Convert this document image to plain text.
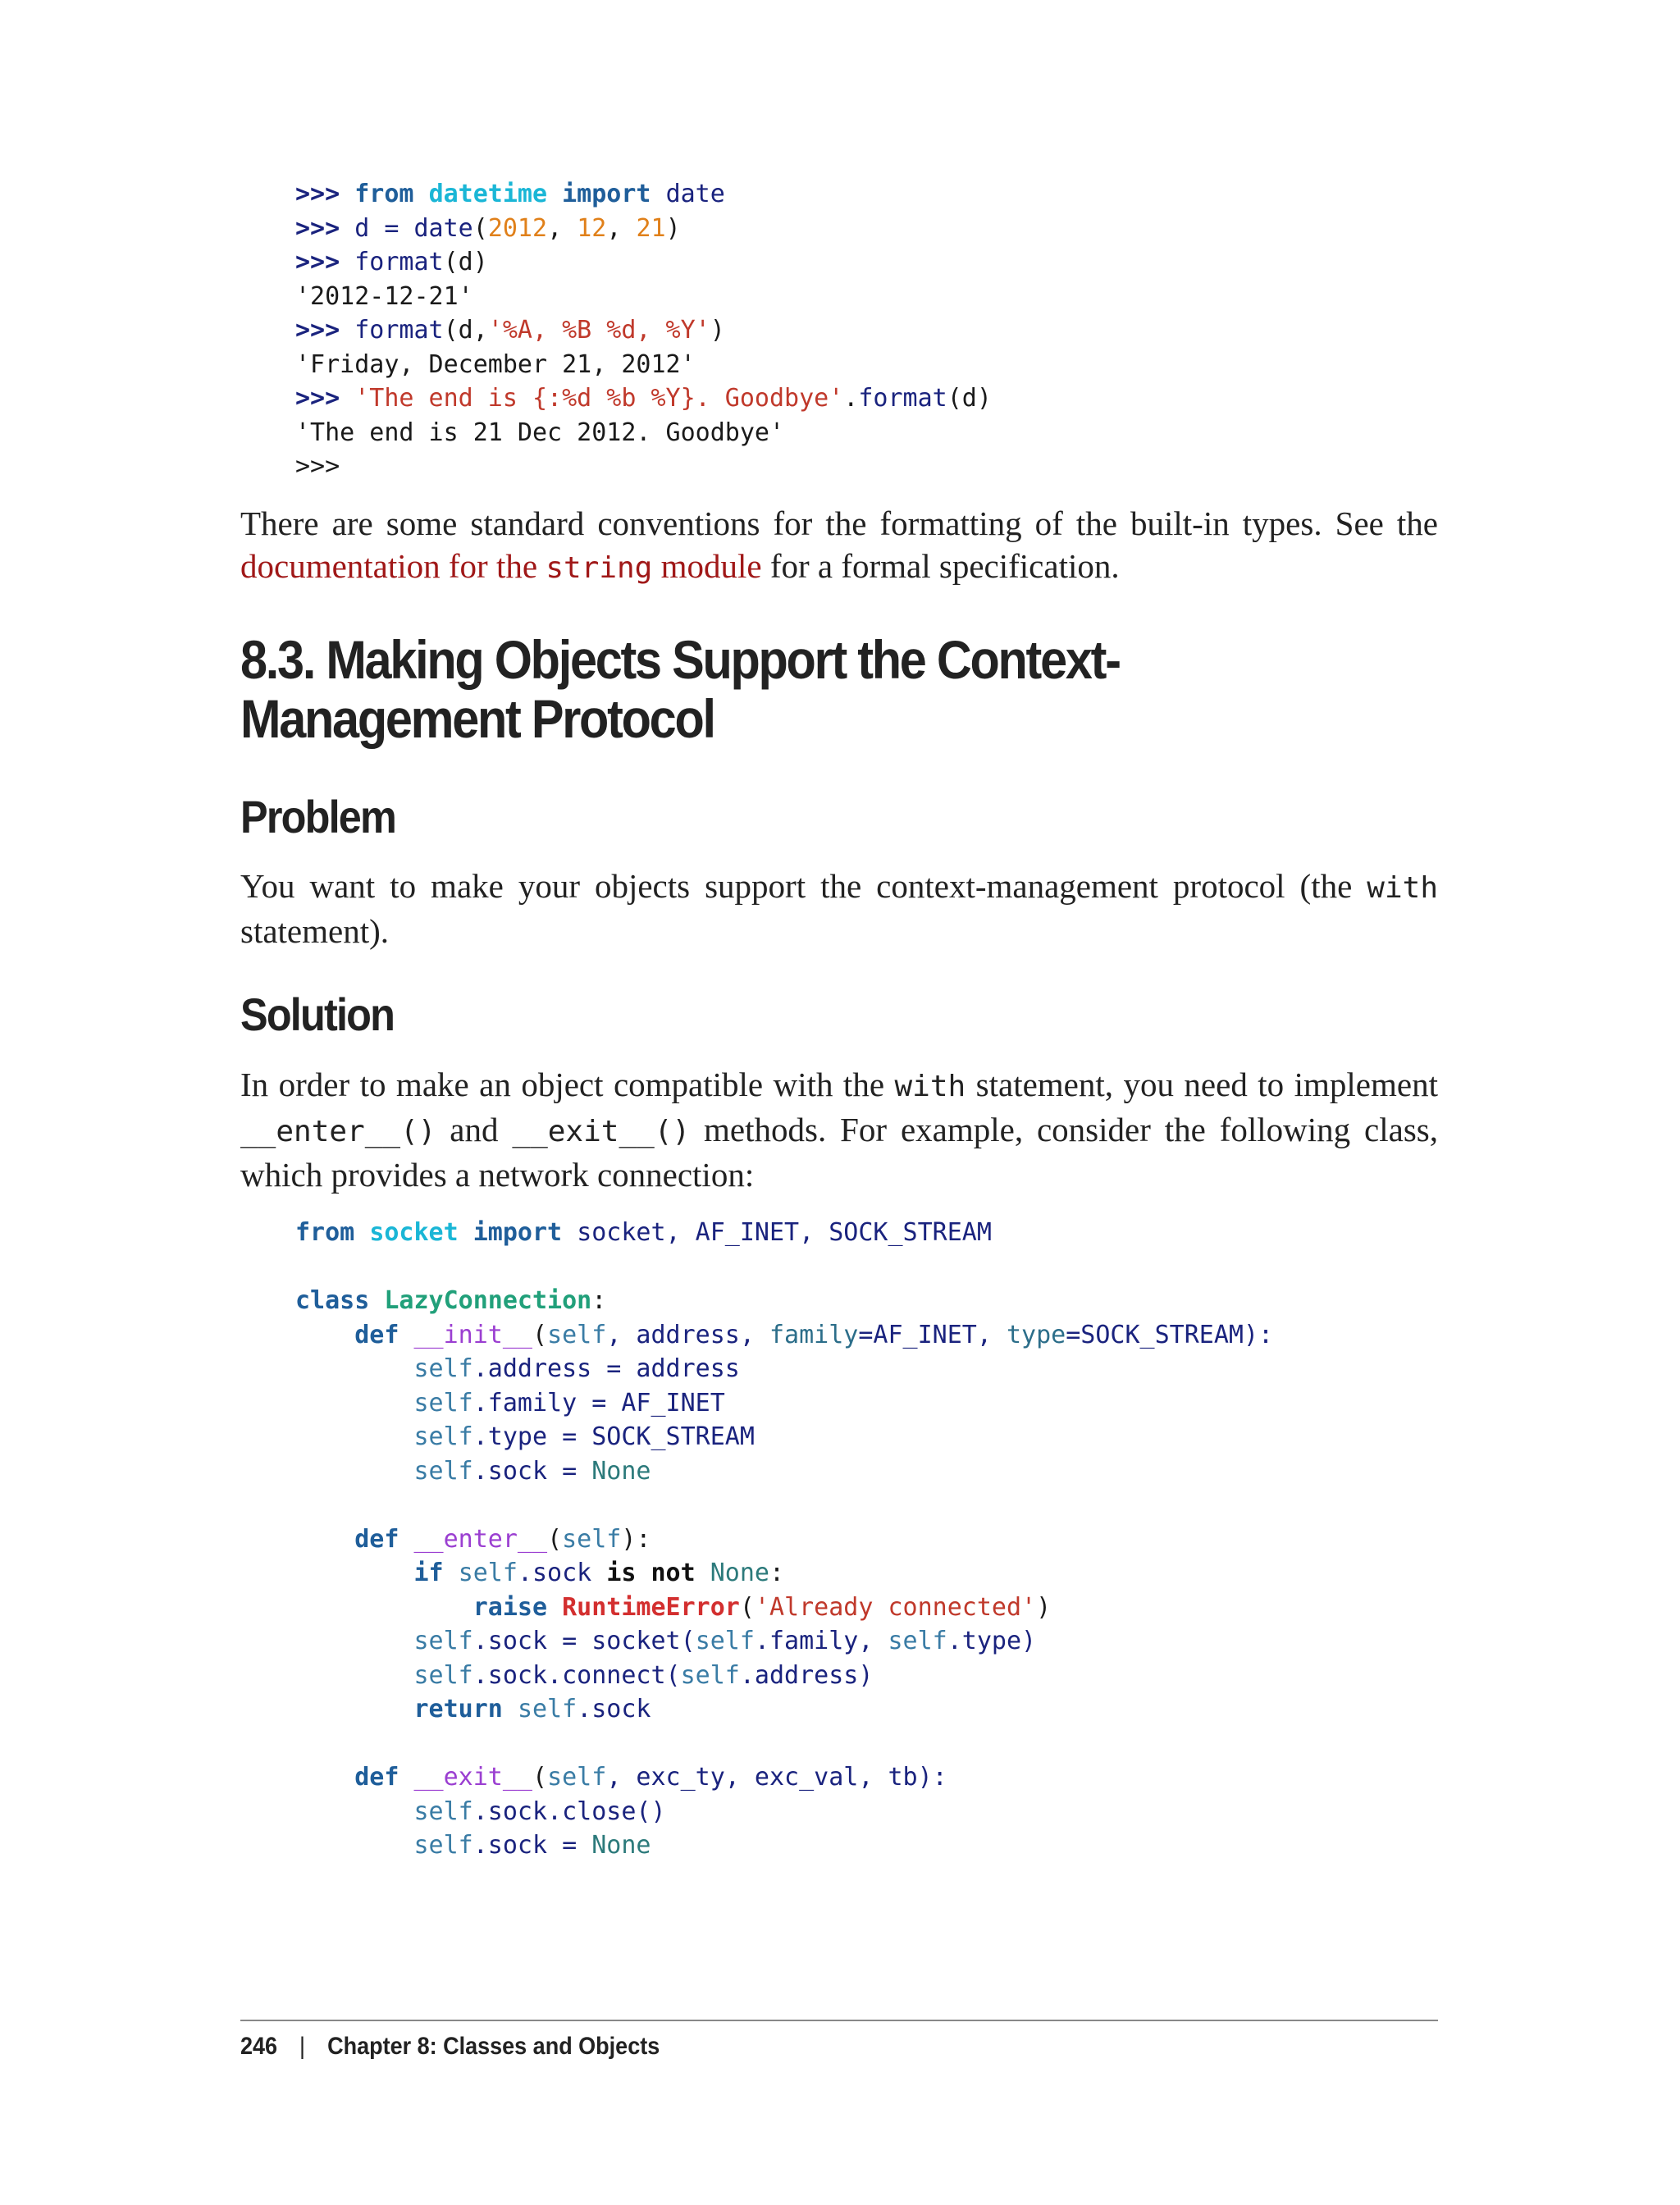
>>> from datetime import date
>>> d = date(2012, 12, 21)
>>> format(d)
'2012-12-21'
>>> format(d,'%A, %B %d, %Y')
'Friday, December 21, 2012'
>>> 'The end is {:%d %b %Y}. Goodbye'.format(d)
'The end is 21 Dec 2012. Goodbye'
>>>

There are some standard conventions for the formatting of the built-in types. See the documentation for the string module for a formal specification.

8.3. Making Objects Support the Context-Management Protocol
Problem

You want to make your objects support the context-management protocol (the with statement).

Solution

In order to make an object compatible with the with statement, you need to implement __enter__() and __exit__() methods. For example, consider the following class, which provides a network connection:

from socket import socket, AF_INET, SOCK_STREAM

class LazyConnection:
def __init__(self, address, family=AF_INET, type=SOCK_STREAM):
self.address = address
self.family = AF_INET
self.type = SOCK_STREAM
self.sock = None

def __enter__(self):
if self.sock is not None:
raise RuntimeError('Already connected')
self.sock = socket(self.family, self.type)
self.sock.connect(self.address)
return self.sock

def __exit__(self, exc_ty, exc_val, tb):
self.sock.close()
self.sock = None
246 | Chapter 8: Classes and Objects
